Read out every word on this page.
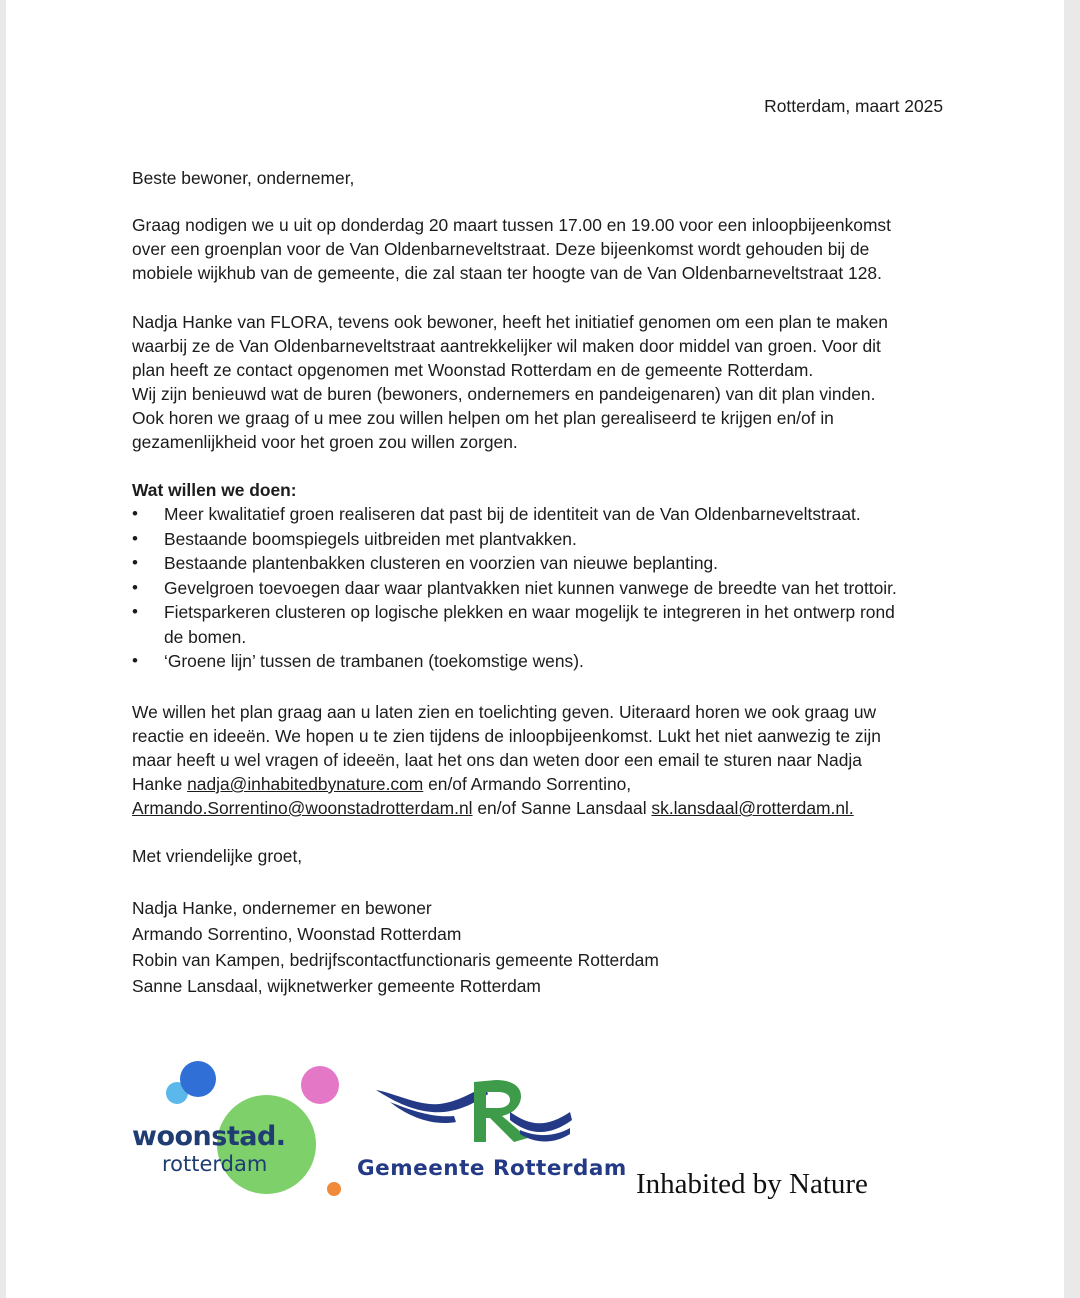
Rotterdam, maart 2025
Beste bewoner, ondernemer,
Graag nodigen we u uit op donderdag 20 maart tussen 17.00 en 19.00 voor een inloopbijeenkomst
over een groenplan voor de Van Oldenbarneveltstraat. Deze bijeenkomst wordt gehouden bij de
mobiele wijkhub van de gemeente, die zal staan ter hoogte van de Van Oldenbarneveltstraat 128.
Nadja Hanke van FLORA, tevens ook bewoner, heeft het initiatief genomen om een plan te maken
waarbij ze de Van Oldenbarneveltstraat aantrekkelijker wil maken door middel van groen. Voor dit
plan heeft ze contact opgenomen met Woonstad Rotterdam en de gemeente Rotterdam.
Wij zijn benieuwd wat de buren (bewoners, ondernemers en pandeigenaren) van dit plan vinden.
Ook horen we graag of u mee zou willen helpen om het plan gerealiseerd te krijgen en/of in
gezamenlijkheid voor het groen zou willen zorgen.
Wat willen we doen:
• Meer kwalitatief groen realiseren dat past bij de identiteit van de Van Oldenbarneveltstraat.
• Bestaande boomspiegels uitbreiden met plantvakken.
• Bestaande plantenbakken clusteren en voorzien van nieuwe beplanting.
• Gevelgroen toevoegen daar waar plantvakken niet kunnen vanwege de breedte van het trottoir.
• Fietsparkeren clusteren op logische plekken en waar mogelijk te integreren in het ontwerp rond
de bomen.
• ‘Groene lijn’ tussen de trambanen (toekomstige wens).
We willen het plan graag aan u laten zien en toelichting geven. Uiteraard horen we ook graag uw
reactie en ideeën. We hopen u te zien tijdens de inloopbijeenkomst. Lukt het niet aanwezig te zijn
maar heeft u wel vragen of ideeën, laat het ons dan weten door een email te sturen naar Nadja
Hanke nadja@inhabitedbynature.com en/of Armando Sorrentino,
Armando.Sorrentino@woonstadrotterdam.nl en/of Sanne Lansdaal sk.lansdaal@rotterdam.nl.
Met vriendelijke groet,
Nadja Hanke, ondernemer en bewoner
Armando Sorrentino, Woonstad Rotterdam
Robin van Kampen, bedrijfscontactfunctionaris gemeente Rotterdam
Sanne Lansdaal, wijknetwerker gemeente Rotterdam
woonstad.
rotterdam	Gemeente Rotterdam Inhabited by Nature
